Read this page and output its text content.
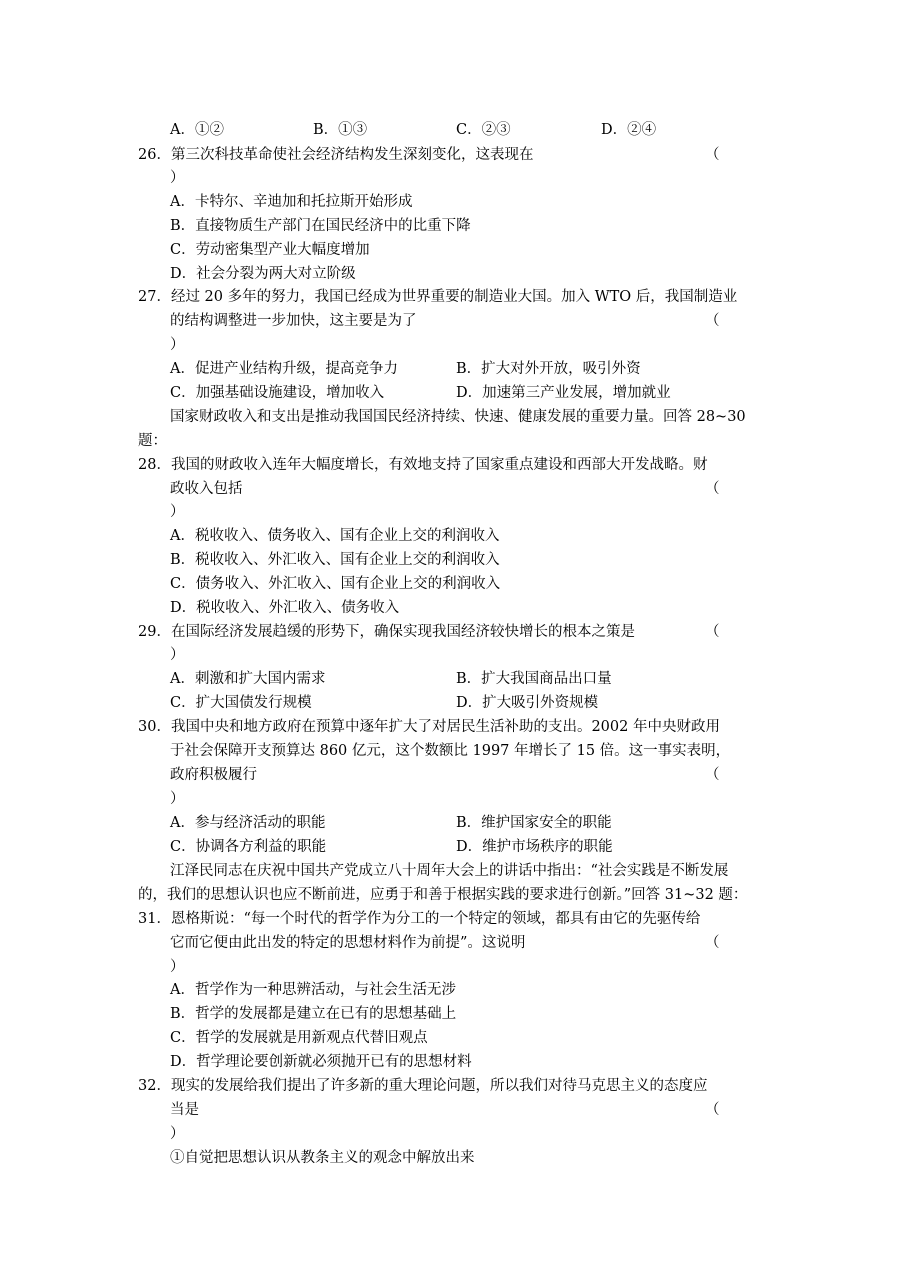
A．①②	B．①③	C．②③	D．②④
26．第三次科技革命使社会经济结构发生深刻变化，这表现在	（
）
A．卡特尔、辛迪加和托拉斯开始形成
B．直接物质生产部门在国民经济中的比重下降
C．劳动密集型产业大幅度增加
D．社会分裂为两大对立阶级
27．经过 20 多年的努力，我国已经成为世界重要的制造业大国。加入 WTO 后，我国制造业
的结构调整进一步加快，这主要是为了	（
）
A．促进产业结构升级，提高竞争力	B．扩大对外开放，吸引外资
C．加强基础设施建设，增加收入	D．加速第三产业发展，增加就业
国家财政收入和支出是推动我国国民经济持续、快速、健康发展的重要力量。回答 28~30
题：
28．我国的财政收入连年大幅度增长，有效地支持了国家重点建设和西部大开发战略。财
政收入包括	（
）
A．税收收入、债务收入、国有企业上交的利润收入
B．税收收入、外汇收入、国有企业上交的利润收入
C．债务收入、外汇收入、国有企业上交的利润收入
D．税收收入、外汇收入、债务收入
29．在国际经济发展趋缓的形势下，确保实现我国经济较快增长的根本之策是	（
）
A．刺激和扩大国内需求	B．扩大我国商品出口量
C．扩大国债发行规模	D．扩大吸引外资规模
30．我国中央和地方政府在预算中逐年扩大了对居民生活补助的支出。2002 年中央财政用
于社会保障开支预算达 860 亿元，这个数额比 1997 年增长了 15 倍。这一事实表明，
政府积极履行	（
）
A．参与经济活动的职能	B．维护国家安全的职能
C．协调各方利益的职能	D．维护市场秩序的职能
江泽民同志在庆祝中国共产党成立八十周年大会上的讲话中指出：“社会实践是不断发展
的，我们的思想认识也应不断前进，应勇于和善于根据实践的要求进行创新。”回答 31~32 题：
31．恩格斯说：“每一个时代的哲学作为分工的一个特定的领域，都具有由它的先驱传给
它而它便由此出发的特定的思想材料作为前提”。这说明	（
）
A．哲学作为一种思辨活动，与社会生活无涉
B．哲学的发展都是建立在已有的思想基础上
C．哲学的发展就是用新观点代替旧观点
D．哲学理论要创新就必须抛开已有的思想材料
32．现实的发展给我们提出了许多新的重大理论问题，所以我们对待马克思主义的态度应
当是	（
）
①自觉把思想认识从教条主义的观念中解放出来
